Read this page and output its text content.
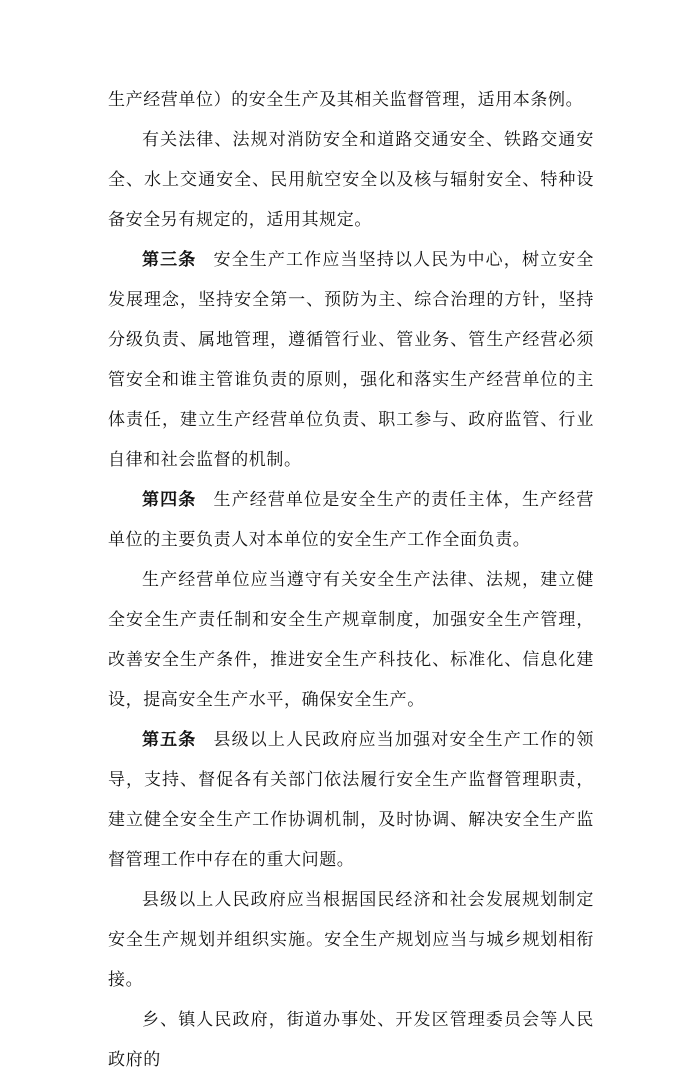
生产经营单位）的安全生产及其相关监督管理，适用本条例。

有关法律、法规对消防安全和道路交通安全、铁路交通安全、水上交通安全、民用航空安全以及核与辐射安全、特种设备安全另有规定的，适用其规定。

第三条 安全生产工作应当坚持以人民为中心，树立安全发展理念，坚持安全第一、预防为主、综合治理的方针，坚持分级负责、属地管理，遵循管行业、管业务、管生产经营必须管安全和谁主管谁负责的原则，强化和落实生产经营单位的主体责任，建立生产经营单位负责、职工参与、政府监管、行业自律和社会监督的机制。

第四条 生产经营单位是安全生产的责任主体，生产经营单位的主要负责人对本单位的安全生产工作全面负责。

生产经营单位应当遵守有关安全生产法律、法规，建立健全安全生产责任制和安全生产规章制度，加强安全生产管理，改善安全生产条件，推进安全生产科技化、标准化、信息化建设，提高安全生产水平，确保安全生产。

第五条 县级以上人民政府应当加强对安全生产工作的领导，支持、督促各有关部门依法履行安全生产监督管理职责，建立健全安全生产工作协调机制，及时协调、解决安全生产监督管理工作中存在的重大问题。

县级以上人民政府应当根据国民经济和社会发展规划制定安全生产规划并组织实施。安全生产规划应当与城乡规划相衔接。

乡、镇人民政府，街道办事处、开发区管理委员会等人民政府的
